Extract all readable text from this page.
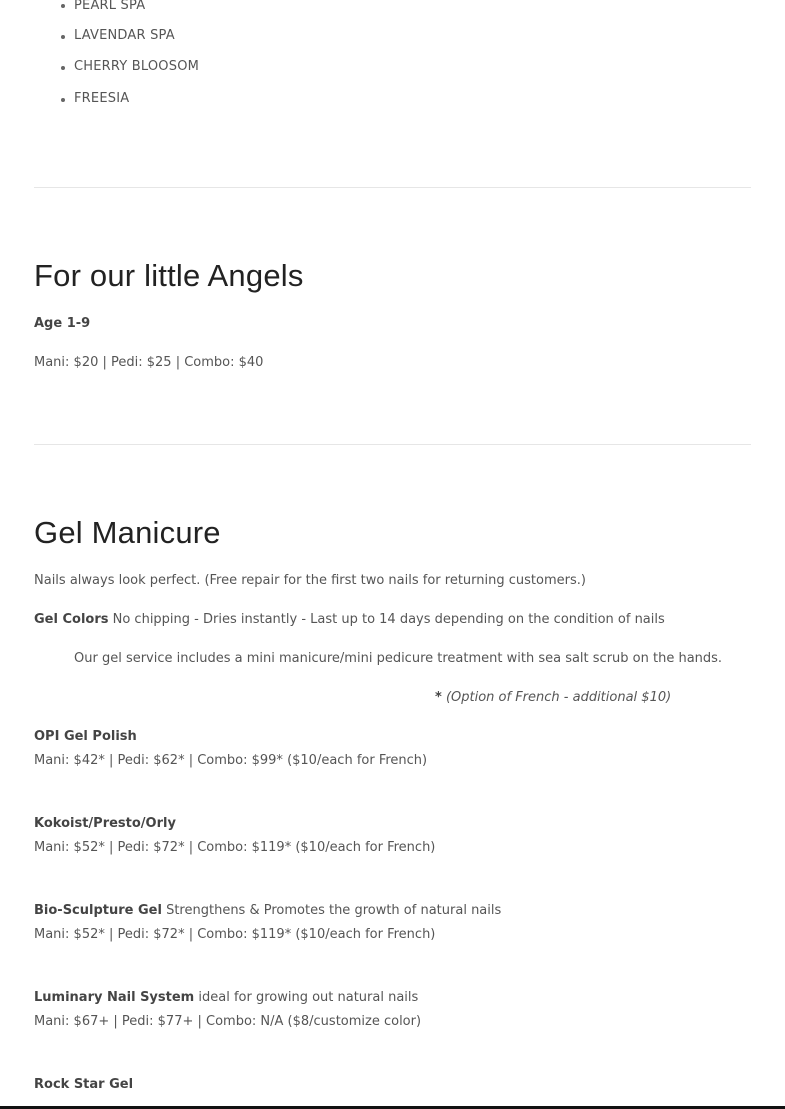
PEARL SPA
LAVENDAR SPA
CHERRY BLOOSOM
FREESIA
For our little Angels
Age 1-9
Mani: $20 | Pedi: $25 | Combo: $40
Gel Manicure
Nails always look perfect. (Free repair for the first two nails for returning customers.)
Gel Colors No chipping - Dries instantly - Last up to 14 days depending on the condition of nails
Our gel service includes a mini manicure/mini pedicure treatment with sea salt scrub on the hands.
* (Option of French - additional $10)
OPI Gel Polish
Mani: $42* | Pedi: $62* | Combo: $99* ($10/each for French)
Kokoist/Presto/Orly
Mani: $52* | Pedi: $72* | Combo: $119* ($10/each for French)
Bio-Sculpture Gel Strengthens & Promotes the growth of natural nails
Mani: $52* | Pedi: $72* | Combo: $119* ($10/each for French)
Luminary Nail System ideal for growing out natural nails
Mani: $67+ | Pedi: $77+ | Combo: N/A ($8/customize color)
Rock Star Gel
